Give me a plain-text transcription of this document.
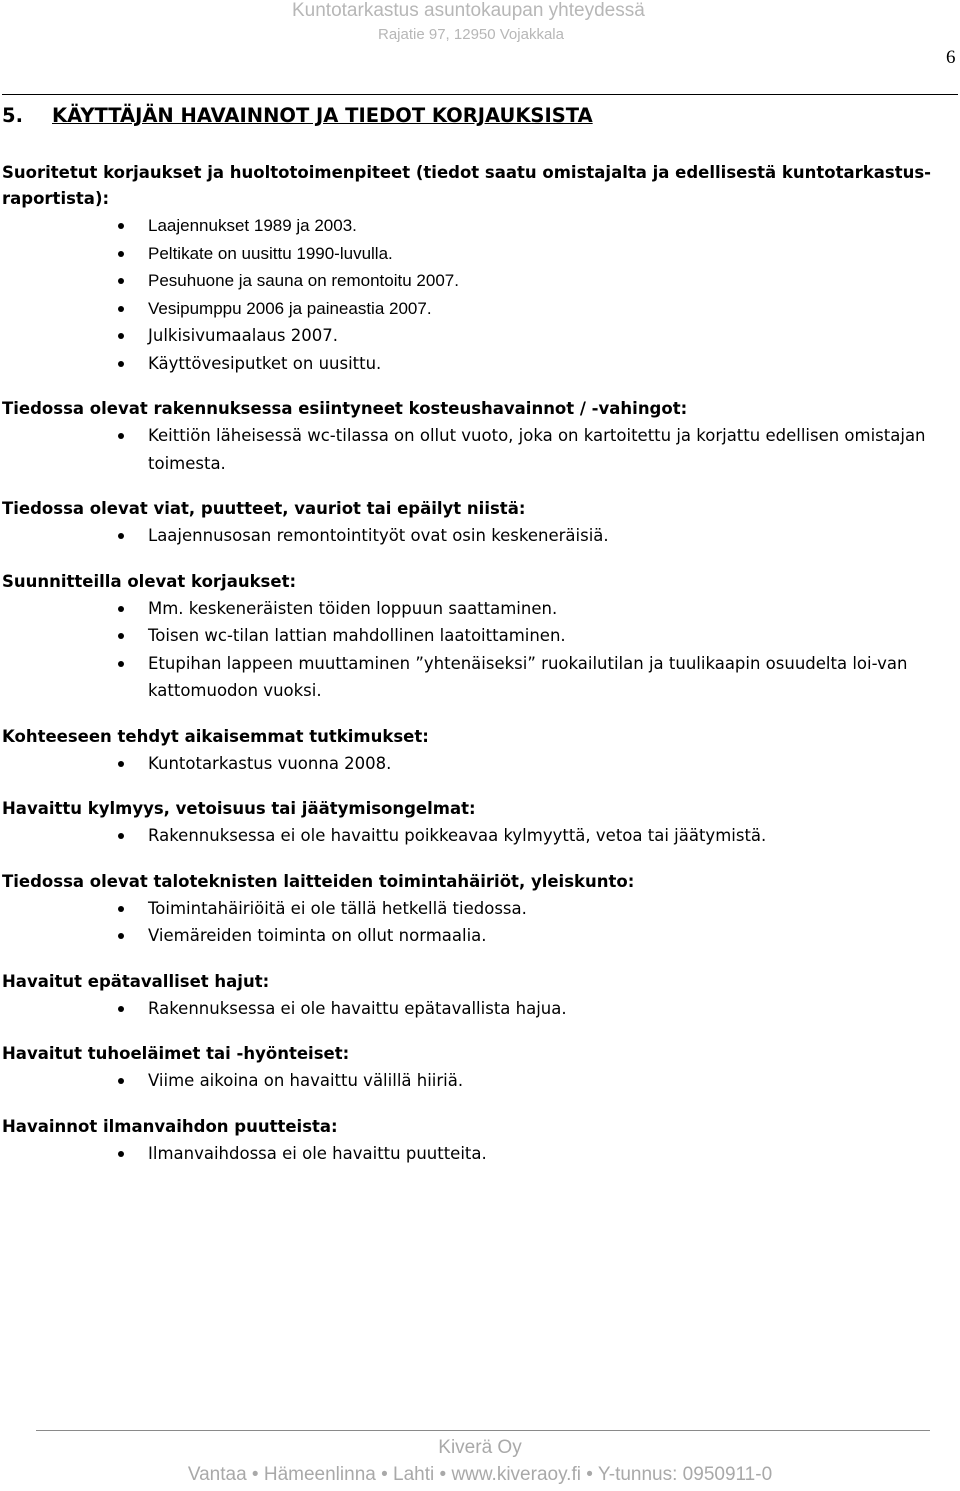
Kuntotarkastus asuntokaupan yhteydessä
Rajatie 97, 12950 Vojakkala
6
5. KÄYTTÄJÄN HAVAINNOT JA TIEDOT KORJAUKSISTA

Suoritetut korjaukset ja huoltotoimenpiteet (tiedot saatu omistajalta ja edellisestä kuntotarkastus-raportista):

Laajennukset 1989 ja 2003.
Peltikate on uusittu 1990-luvulla.
Pesuhuone ja sauna on remontoitu 2007.
Vesipumppu 2006 ja paineastia 2007.
Julkisivumaalaus 2007.
Käyttövesiputket on uusittu.

Tiedossa olevat rakennuksessa esiintyneet kosteushavainnot / -vahingot:

Keittiön läheisessä wc-tilassa on ollut vuoto, joka on kartoitettu ja korjattu edellisen omistajan toimesta.

Tiedossa olevat viat, puutteet, vauriot tai epäilyt niistä:

Laajennusosan remontointityöt ovat osin keskeneräisiä.

Suunnitteilla olevat korjaukset:

Mm. keskeneräisten töiden loppuun saattaminen.
Toisen wc-tilan lattian mahdollinen laatoittaminen.
Etupihan lappeen muuttaminen ”yhtenäiseksi” ruokailutilan ja tuulikaapin osuudelta loi-van kattomuodon vuoksi.

Kohteeseen tehdyt aikaisemmat tutkimukset:

Kuntotarkastus vuonna 2008.

Havaittu kylmyys, vetoisuus tai jäätymisongelmat:

Rakennuksessa ei ole havaittu poikkeavaa kylmyyttä, vetoa tai jäätymistä.

Tiedossa olevat taloteknisten laitteiden toimintahäiriöt, yleiskunto:

Toimintahäiriöitä ei ole tällä hetkellä tiedossa.
Viemäreiden toiminta on ollut normaalia.

Havaitut epätavalliset hajut:

Rakennuksessa ei ole havaittu epätavallista hajua.

Havaitut tuhoeläimet tai -hyönteiset:

Viime aikoina on havaittu välillä hiiriä.

Havainnot ilmanvaihdon puutteista:

Ilmanvaihdossa ei ole havaittu puutteita.
Kiverä Oy
Vantaa • Hämeenlinna • Lahti • www.kiveraoy.fi • Y-tunnus: 0950911-0
